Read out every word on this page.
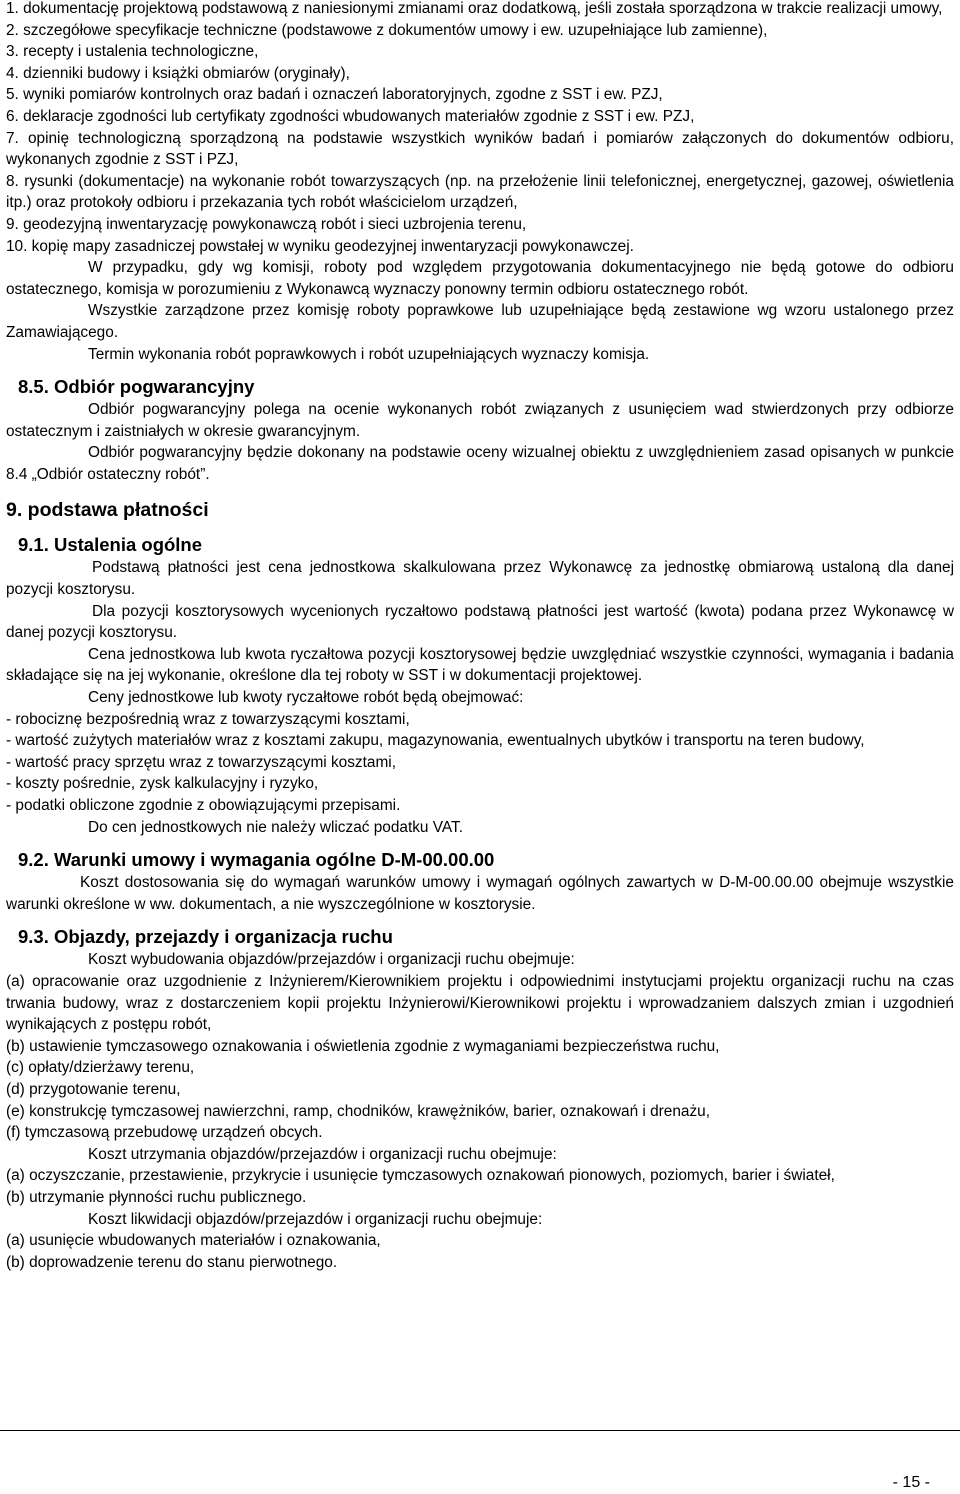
1. dokumentację projektową podstawową z naniesionymi zmianami oraz dodatkową, jeśli została sporządzona w trakcie realizacji umowy,

2. szczegółowe specyfikacje techniczne (podstawowe z dokumentów umowy i ew. uzupełniające lub zamienne),

3. recepty i ustalenia technologiczne,

4. dzienniki budowy i książki obmiarów (oryginały),

5. wyniki pomiarów kontrolnych oraz badań i oznaczeń laboratoryjnych, zgodne z SST i ew. PZJ,

6. deklaracje zgodności lub certyfikaty zgodności wbudowanych materiałów zgodnie z SST i ew. PZJ,

7. opinię technologiczną sporządzoną na podstawie wszystkich wyników badań i pomiarów załączonych do dokumentów odbioru, wykonanych zgodnie z SST i PZJ,

8. rysunki (dokumentacje) na wykonanie robót towarzyszących (np. na przełożenie linii telefonicznej, energetycznej, gazowej, oświetlenia itp.) oraz protokoły odbioru i przekazania tych robót właścicielom urządzeń,

9. geodezyjną inwentaryzację powykonawczą robót i sieci uzbrojenia terenu,

10. kopię mapy zasadniczej powstałej w wyniku geodezyjnej inwentaryzacji powykonawczej.

W przypadku, gdy wg komisji, roboty pod względem przygotowania dokumentacyjnego nie będą gotowe do odbioru ostatecznego, komisja w porozumieniu z Wykonawcą wyznaczy ponowny termin odbioru ostatecznego robót.

Wszystkie zarządzone przez komisję roboty poprawkowe lub uzupełniające będą zestawione wg wzoru ustalonego przez Zamawiającego.

Termin wykonania robót poprawkowych i robót uzupełniających wyznaczy komisja.

8.5. Odbiór pogwarancyjny

Odbiór pogwarancyjny polega na ocenie wykonanych robót związanych z usunięciem wad stwierdzonych przy odbiorze ostatecznym i zaistniałych w okresie gwarancyjnym.

Odbiór pogwarancyjny będzie dokonany na podstawie oceny wizualnej obiektu z uwzględnieniem zasad opisanych w punkcie 8.4 „Odbiór ostateczny robót”.

9. podstawa płatności

9.1. Ustalenia ogólne

Podstawą płatności jest cena jednostkowa skalkulowana przez Wykonawcę za jednostkę obmiarową ustaloną dla danej pozycji kosztorysu.

Dla pozycji kosztorysowych wycenionych ryczałtowo podstawą płatności jest wartość (kwota) podana przez Wykonawcę w danej pozycji kosztorysu.

Cena jednostkowa lub kwota ryczałtowa pozycji kosztorysowej będzie uwzględniać wszystkie czynności, wymagania i badania składające się na jej wykonanie, określone dla tej roboty w SST i w dokumentacji projektowej.

Ceny jednostkowe lub kwoty ryczałtowe robót będą obejmować:

- robociznę bezpośrednią wraz z towarzyszącymi kosztami,

- wartość zużytych materiałów wraz z kosztami zakupu, magazynowania, ewentualnych ubytków i transportu na teren budowy,

- wartość pracy sprzętu wraz z towarzyszącymi kosztami,

- koszty pośrednie, zysk kalkulacyjny i ryzyko,

- podatki obliczone zgodnie z obowiązującymi przepisami.

Do cen jednostkowych nie należy wliczać podatku VAT.

9.2. Warunki umowy i wymagania ogólne D-M-00.00.00

Koszt dostosowania się do wymagań warunków umowy i wymagań ogólnych zawartych w D-M-00.00.00 obejmuje wszystkie warunki określone w ww. dokumentach, a nie wyszczególnione w kosztorysie.

9.3. Objazdy, przejazdy i organizacja ruchu

Koszt wybudowania objazdów/przejazdów i organizacji ruchu obejmuje:

(a) opracowanie oraz uzgodnienie z Inżynierem/Kierownikiem projektu i odpowiednimi instytucjami projektu organizacji ruchu na czas trwania budowy, wraz z dostarczeniem kopii projektu Inżynierowi/Kierownikowi projektu i wprowadzaniem dalszych zmian i uzgodnień wynikających z postępu robót,

(b) ustawienie tymczasowego oznakowania i oświetlenia zgodnie z wymaganiami bezpieczeństwa ruchu,

(c) opłaty/dzierżawy terenu,

(d) przygotowanie terenu,

(e) konstrukcję tymczasowej nawierzchni, ramp, chodników, krawężników, barier, oznakowań i drenażu,

(f) tymczasową przebudowę urządzeń obcych.

Koszt utrzymania objazdów/przejazdów i organizacji ruchu obejmuje:

(a) oczyszczanie, przestawienie, przykrycie i usunięcie tymczasowych oznakowań pionowych, poziomych, barier i świateł,

(b) utrzymanie płynności ruchu publicznego.

Koszt likwidacji objazdów/przejazdów i organizacji ruchu obejmuje:

(a) usunięcie wbudowanych materiałów i oznakowania,

(b) doprowadzenie terenu do stanu pierwotnego.

- 15 -
